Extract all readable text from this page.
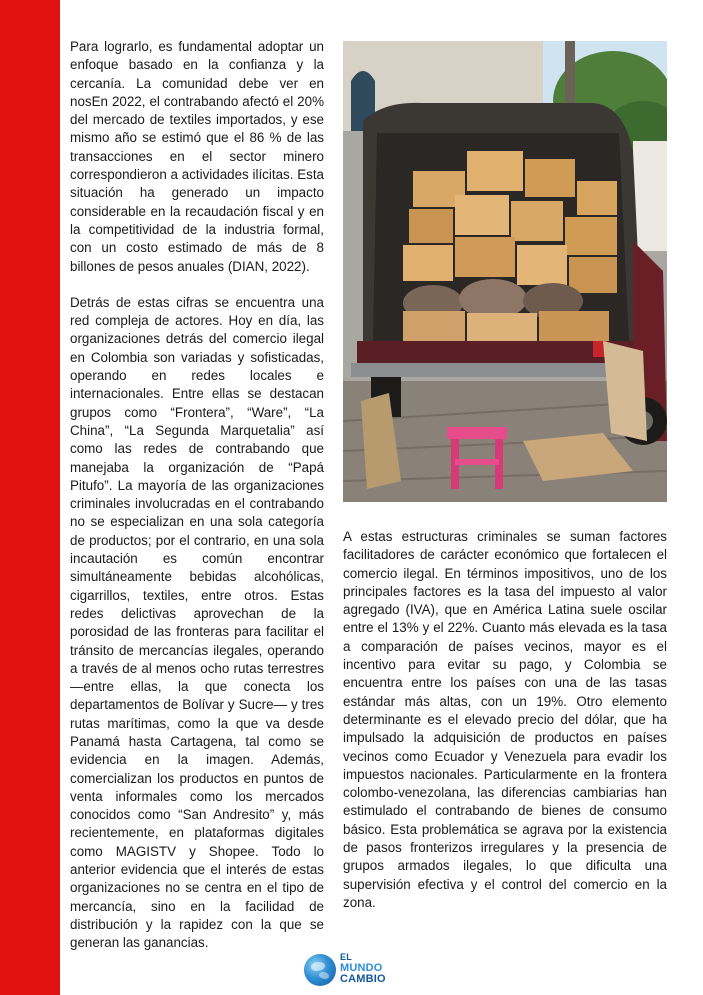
Para lograrlo, es fundamental adoptar un enfoque basado en la confianza y la cercanía. La comunidad debe ver en nosEn 2022, el contrabando afectó el 20% del mercado de textiles importados, y ese mismo año se estimó que el 86 % de las transacciones en el sector minero correspondieron a actividades ilícitas. Esta situación ha generado un impacto considerable en la recaudación fiscal y en la competitividad de la industria formal, con un costo estimado de más de 8 billones de pesos anuales (DIAN, 2022).

Detrás de estas cifras se encuentra una red compleja de actores. Hoy en día, las organizaciones detrás del comercio ilegal en Colombia son variadas y sofisticadas, operando en redes locales e internacionales. Entre ellas se destacan grupos como “Frontera”, “Ware”, “La China”, “La Segunda Marquetalia” así como las redes de contrabando que manejaba la organización de “Papá Pitufo”. La mayoría de las organizaciones criminales involucradas en el contrabando no se especializan en una sola categoría de productos; por el contrario, en una sola incautación es común encontrar simultáneamente bebidas alcohólicas, cigarrillos, textiles, entre otros. Estas redes delictivas aprovechan de la porosidad de las fronteras para facilitar el tránsito de mercancías ilegales, operando a través de al menos ocho rutas terrestres —entre ellas, la que conecta los departamentos de Bolívar y Sucre— y tres rutas marítimas, como la que va desde Panamá hasta Cartagena, tal como se evidencia en la imagen. Además, comercializan los productos en puntos de venta informales como los mercados conocidos como “San Andresito” y, más recientemente, en plataformas digitales como MAGISTV y Shopee. Todo lo anterior evidencia que el interés de estas organizaciones no se centra en el tipo de mercancía, sino en la facilidad de distribución y la rapidez con la que se generan las ganancias.

A estas estructuras criminales se suman factores facilitadores de carácter económico que fortalecen el comercio ilegal. En términos impositivos, uno de los principales factores es la tasa del impuesto al valor agregado (IVA), que en América Latina suele oscilar entre el 13% y el 22%. Cuanto más elevada es la tasa a comparación de países vecinos, mayor es el incentivo para evitar su pago, y Colombia se encuentra entre los países con una de las tasas estándar más altas, con un 19%. Otro elemento determinante es el elevado precio del dólar, que ha impulsado la adquisición de productos en países vecinos como Ecuador y Venezuela para evadir los impuestos nacionales. Particularmente en la frontera colombo-venezolana, las diferencias cambiarias han estimulado el contrabando de bienes de consumo básico. Esta problemática se agrava por la existencia de pasos fronterizos irregulares y la presencia de grupos armados ilegales, lo que dificulta una supervisión efectiva y el control del comercio en la zona.

EL
MUNDO
CAMBIO
